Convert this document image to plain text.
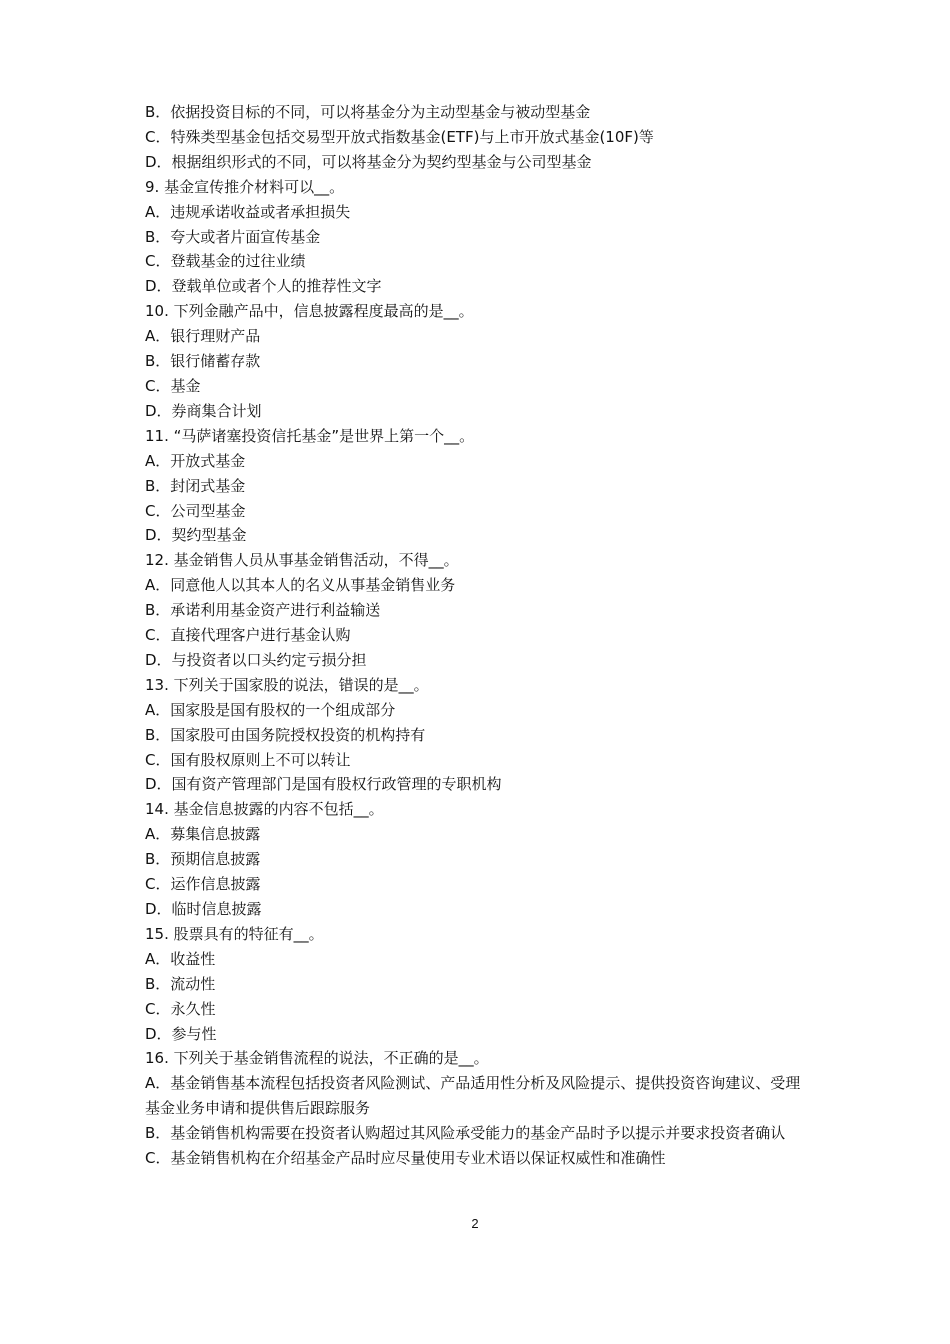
B．依据投资目标的不同，可以将基金分为主动型基金与被动型基金
C．特殊类型基金包括交易型开放式指数基金(ETF)与上市开放式基金(10F)等
D．根据组织形式的不同，可以将基金分为契约型基金与公司型基金
9. 基金宣传推介材料可以__。
A．违规承诺收益或者承担损失
B．夸大或者片面宣传基金
C．登载基金的过往业绩
D．登载单位或者个人的推荐性文字
10. 下列金融产品中，信息披露程度最高的是__。
A．银行理财产品
B．银行储蓄存款
C．基金
D．券商集合计划
11. “马萨诸塞投资信托基金”是世界上第一个__。
A．开放式基金
B．封闭式基金
C．公司型基金
D．契约型基金
12. 基金销售人员从事基金销售活动，不得__。
A．同意他人以其本人的名义从事基金销售业务
B．承诺利用基金资产进行利益输送
C．直接代理客户进行基金认购
D．与投资者以口头约定亏损分担
13. 下列关于国家股的说法，错误的是__。
A．国家股是国有股权的一个组成部分
B．国家股可由国务院授权投资的机构持有
C．国有股权原则上不可以转让
D．国有资产管理部门是国有股权行政管理的专职机构
14. 基金信息披露的内容不包括__。
A．募集信息披露
B．预期信息披露
C．运作信息披露
D．临时信息披露
15. 股票具有的特征有__。
A．收益性
B．流动性
C．永久性
D．参与性
16. 下列关于基金销售流程的说法，不正确的是__。
A．基金销售基本流程包括投资者风险测试、产品适用性分析及风险提示、提供投资咨询建议、受理基金业务申请和提供售后跟踪服务
B．基金销售机构需要在投资者认购超过其风险承受能力的基金产品时予以提示并要求投资者确认
C．基金销售机构在介绍基金产品时应尽量使用专业术语以保证权威性和准确性
2
